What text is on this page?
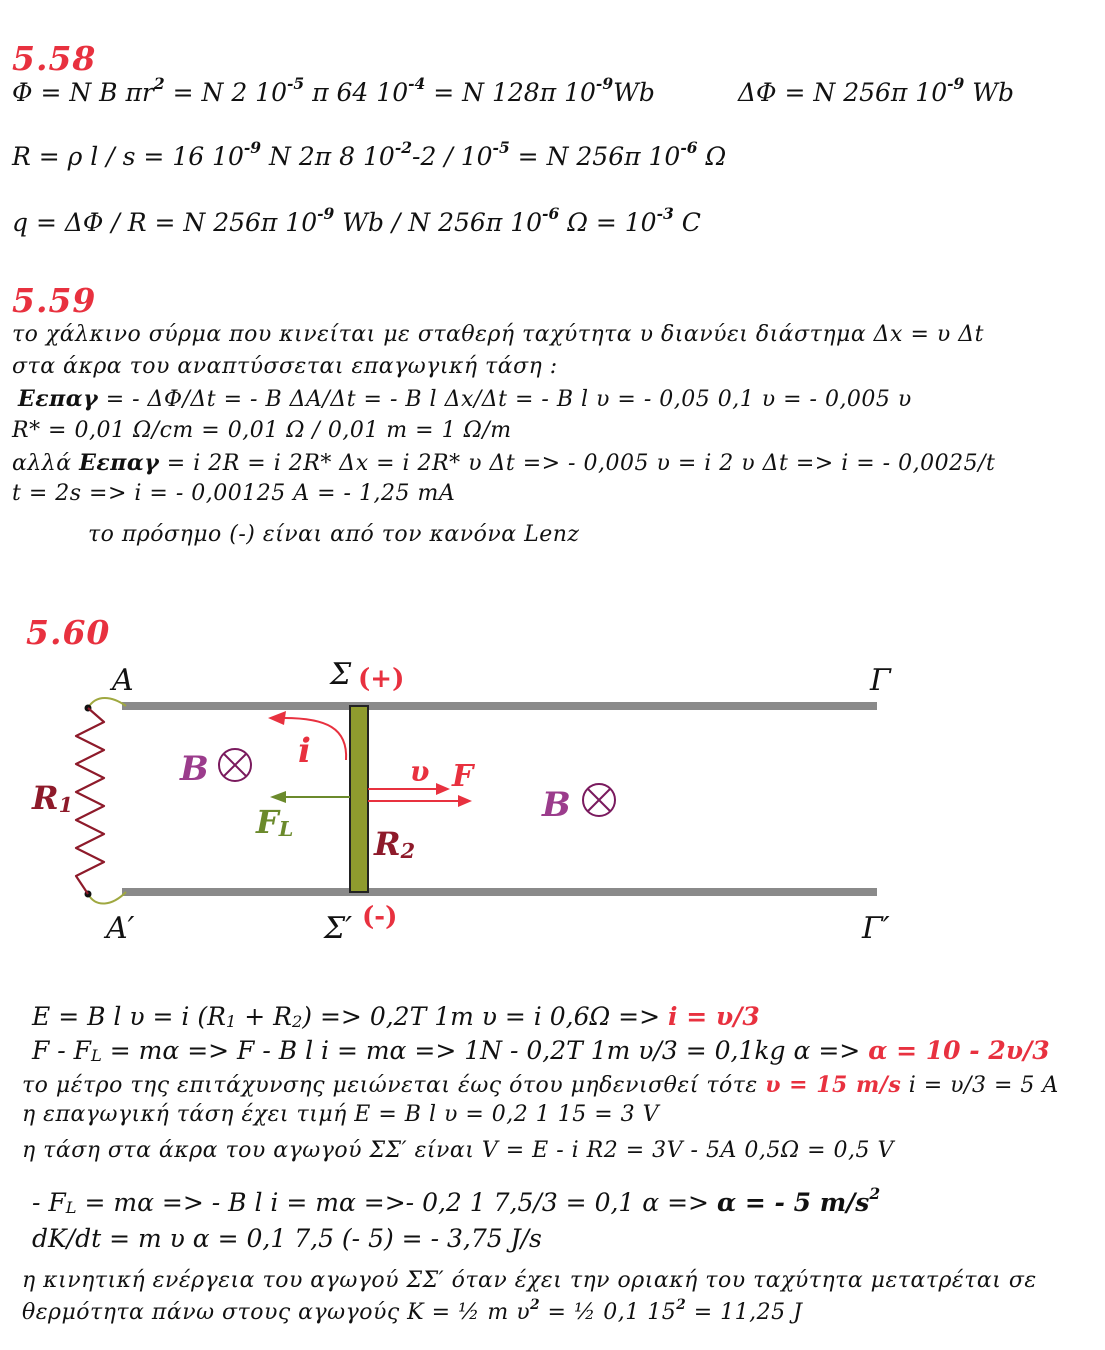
5.58
Φ = Ν Β $\pi r^2 = N$ 2 $10^{-5}$ π 64 $10^{-4} = N$ 128π $10^{-9}Wb$	ΔΦ = Ν 256π $10^{-9}$ Wb
R = ρ l / s = 16 $10^{-9}$ Ν 2π 8 $10^{-2}-2 / 10^{-5} = N$ 256π $10^{-6}$ Ω
q = ΔΦ / R = Ν 256π $10^{-9}$ Wb / Ν 256π $10^{-6}$ $\Omega = 10^{-3}$ C
5.59
το χάλκινο σύρμα που κινείται με σταθερή ταχύτητα υ διανύει διάστημα Δx = υ Δt
στα άκρα του αναπτύσσεται επαγωγική τάση :
Εεπαγ = - ΔΦ/Δt = - Β ΔΑ/Δt = - Β l Δx/Δt = - Β l υ = - 0,05 0,1 υ = - 0,005 υ
R* = 0,01 Ω/cm = 0,01 Ω / 0,01 m = 1 Ω/m
αλλά Εεπαγ = i 2R = i 2R* Δx = i 2R* υ Δt => - 0,005 υ = i 2 υ Δt => i = - 0,0025/t
t = 2s => i = - 0,00125 A = - 1,25 mA
το πρόσημο (-) είναι από τον κανόνα Lenz
5.60
Α
Α′
Σ
Σ′
Γ
Γ′
(+)
(-)
Β
Β
i
υ F
FL
R1
R2
Ε = Β l υ = i (R1 + R2) => 0,2T 1m υ = i 0,6Ω => i = υ/3
F - FL = mα => F - B l i = mα => 1N - 0,2T 1m υ/3 = 0,1kg α => α = 10 - 2υ/3
το μέτρο της επιτάχυνσης μειώνεται έως ότου μηδενισθεί τότε υ = 15 m/s i = υ/3 = 5 A
η επαγωγική τάση έχει τιμή Ε = Β l υ = 0,2 1 15 = 3 V
η τάση στα άκρα του αγωγού ΣΣ′ είναι V = E - i R2 = 3V - 5A 0,5Ω = 0,5 V
- FL = mα => - B l i = mα =>- 0,2 1 7,5/3 = 0,1 α => α = - 5 $m/s^2$
dK/dt = m υ α = 0,1 7,5 (- 5) = - 3,75 J/s
η κινητική ενέργεια του αγωγού ΣΣ′ όταν έχει την οριακή του ταχύτητα μετατρέται σε
θερμότητα πάνω στους αγωγούς Κ = ½ m $\upsilon^2$ = ½ 0,1 $15^2 = 11,25$ J
